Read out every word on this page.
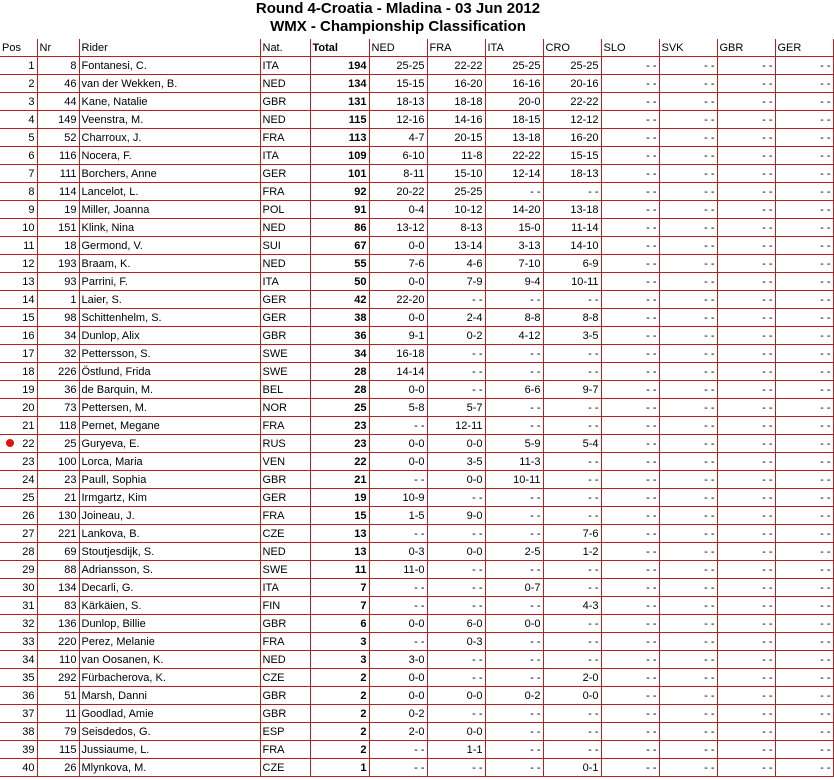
Round 4-Croatia - Mladina - 03 Jun 2012
WMX - Championship Classification
Pos	Nr	Rider	Nat.	Total	NED	FRA	ITA	CRO	SLO	SVK	GBR	GER
1	8	Fontanesi, C.	ITA	194	25-25	22-22	25-25	25-25	- -	- -	- -	- -
2	46	van der Wekken, B.	NED	134	15-15	16-20	16-16	20-16	- -	- -	- -	- -
3	44	Kane, Natalie	GBR	131	18-13	18-18	20-0	22-22	- -	- -	- -	- -
4	149	Veenstra, M.	NED	115	12-16	14-16	18-15	12-12	- -	- -	- -	- -
5	52	Charroux, J.	FRA	113	4-7	20-15	13-18	16-20	- -	- -	- -	- -
6	116	Nocera, F.	ITA	109	6-10	11-8	22-22	15-15	- -	- -	- -	- -
7	111	Borchers, Anne	GER	101	8-11	15-10	12-14	18-13	- -	- -	- -	- -
8	114	Lancelot, L.	FRA	92	20-22	25-25	- -	- -	- -	- -	- -	- -
9	19	Miller, Joanna	POL	91	0-4	10-12	14-20	13-18	- -	- -	- -	- -
10	151	Klink, Nina	NED	86	13-12	8-13	15-0	11-14	- -	- -	- -	- -
11	18	Germond, V.	SUI	67	0-0	13-14	3-13	14-10	- -	- -	- -	- -
12	193	Braam, K.	NED	55	7-6	4-6	7-10	6-9	- -	- -	- -	- -
13	93	Parrini, F.	ITA	50	0-0	7-9	9-4	10-11	- -	- -	- -	- -
14	1	Laier, S.	GER	42	22-20	- -	- -	- -	- -	- -	- -	- -
15	98	Schittenhelm, S.	GER	38	0-0	2-4	8-8	8-8	- -	- -	- -	- -
16	34	Dunlop, Alix	GBR	36	9-1	0-2	4-12	3-5	- -	- -	- -	- -
17	32	Pettersson, S.	SWE	34	16-18	- -	- -	- -	- -	- -	- -	- -
18	226	Östlund, Frida	SWE	28	14-14	- -	- -	- -	- -	- -	- -	- -
19	36	de Barquin, M.	BEL	28	0-0	- -	6-6	9-7	- -	- -	- -	- -
20	73	Pettersen, M.	NOR	25	5-8	5-7	- -	- -	- -	- -	- -	- -
21	118	Pernet, Megane	FRA	23	- -	12-11	- -	- -	- -	- -	- -	- -

22	25	Guryeva, E.	RUS	23	0-0	0-0	5-9	5-4	- -	- -	- -	- -
23	100	Lorca, Maria	VEN	22	0-0	3-5	11-3	- -	- -	- -	- -	- -
24	23	Paull, Sophia	GBR	21	- -	0-0	10-11	- -	- -	- -	- -	- -
25	21	Irmgartz, Kim	GER	19	10-9	- -	- -	- -	- -	- -	- -	- -
26	130	Joineau, J.	FRA	15	1-5	9-0	- -	- -	- -	- -	- -	- -
27	221	Lankova, B.	CZE	13	- -	- -	- -	7-6	- -	- -	- -	- -
28	69	Stoutjesdijk, S.	NED	13	0-3	0-0	2-5	1-2	- -	- -	- -	- -
29	88	Adriansson, S.	SWE	11	11-0	- -	- -	- -	- -	- -	- -	- -
30	134	Decarli, G.	ITA	7	- -	- -	0-7	- -	- -	- -	- -	- -
31	83	Kärkäien, S.	FIN	7	- -	- -	- -	4-3	- -	- -	- -	- -
32	136	Dunlop, Billie	GBR	6	0-0	6-0	0-0	- -	- -	- -	- -	- -
33	220	Perez, Melanie	FRA	3	- -	0-3	- -	- -	- -	- -	- -	- -
34	110	van Oosanen, K.	NED	3	3-0	- -	- -	- -	- -	- -	- -	- -
35	292	Fürbacherova, K.	CZE	2	0-0	- -	- -	2-0	- -	- -	- -	- -
36	51	Marsh, Danni	GBR	2	0-0	0-0	0-2	0-0	- -	- -	- -	- -
37	11	Goodlad, Amie	GBR	2	0-2	- -	- -	- -	- -	- -	- -	- -
38	79	Seisdedos, G.	ESP	2	2-0	0-0	- -	- -	- -	- -	- -	- -
39	115	Jussiaume, L.	FRA	2	- -	1-1	- -	- -	- -	- -	- -	- -
40	26	Mlynkova, M.	CZE	1	- -	- -	- -	0-1	- -	- -	- -	- -
